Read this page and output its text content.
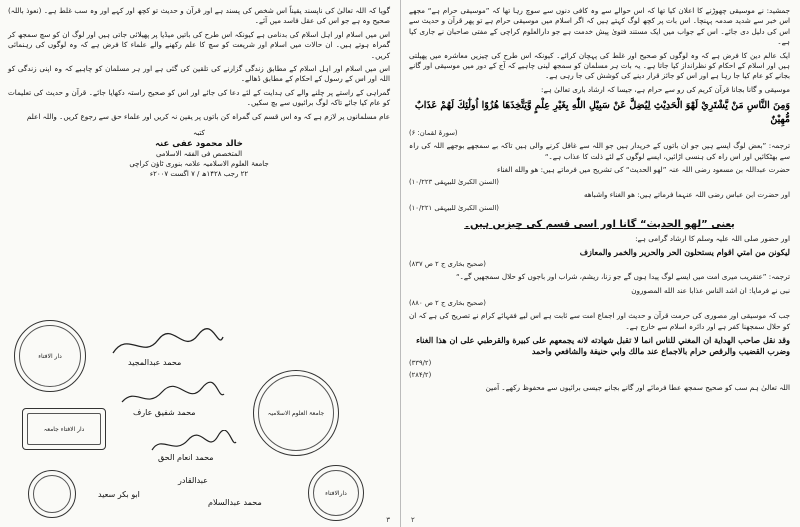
جمشید: نے موسیقی چھوڑنے کا اعلان کیا تھا کہ اس حوالے سے وہ کافی دنوں سے سوچ رہا تھا کہ ”موسیقی حرام ہے“ مجھے اس خبر سے شدید صدمہ پہنچا۔ اس بات پر کچھ لوگ کہتے ہیں کہ اگر اسلام میں موسیقی حرام ہے تو پھر قرآن و حدیث سے اس کی دلیل دی جائے۔ اس کے جواب میں ایک مستند فتویٰ پیش خدمت ہے جو دارالعلوم کراچی کے مفتی صاحبان نے جاری کیا ہے۔

ایک عالم دین کا فرض ہے کہ وہ لوگوں کو صحیح اور غلط کی پہچان کرائے۔ کیونکہ اس طرح کی چیزیں معاشرہ میں پھیلتی ہیں اور اسلام کے احکام کو نظرانداز کیا جاتا ہے۔ یہ بات ہر مسلمان کو سمجھ لینی چاہیے کہ آج کے دور میں موسیقی اور گانے بجانے کو عام کیا جا رہا ہے اور اس کو جائز قرار دینے کی کوشش کی جا رہی ہے۔

موسیقی و گانا بجانا قرآن کریم کی رو سے حرام ہے، جیسا کہ ارشاد باری تعالیٰ ہے:

وَمِنَ النَّاسِ مَنْ يَّشْتَرِيْ لَهْوَ الْحَدِيْثِ لِيُضِلَّ عَنْ سَبِيْلِ اللّٰهِ بِغَيْرِ عِلْمٍ وَّيَتَّخِذَهَا هُزُوًا اُولٰٓئِكَ لَهُمْ عَذَابٌ مُّهِيْنٌ

(سورۃ لقمان: ۶)

ترجمہ: ”بعض لوگ ایسے ہیں جو ان باتوں کے خریدار ہیں جو اللہ سے غافل کرنے والی ہیں تاکہ بے سمجھے بوجھے اللہ کی راہ سے بھٹکائیں اور اس راہ کی ہنسی اڑائیں، ایسے لوگوں کے لئے ذلت کا عذاب ہے۔“

حضرت عبداللہ بن مسعود رضی اللہ عنہ ”لهو الحديث“ کی تشریح میں فرماتے ہیں: هو والله الغناء

(السنن الکبریٰ للبیہقی ۱۰/۲۲۳)

اور حضرت ابن عباس رضی اللہ عنہما فرماتے ہیں: هو الغناء واشباهه

(السنن الکبریٰ للبیہقی ۱۰/۲۲۱)

یعنی ”لهو الحديث“ گانا اور اسی قسم کی چیزیں ہیں۔

اور حضور صلی اللہ علیہ وسلم کا ارشاد گرامی ہے:

ليكونن من امتي اقوام يستحلون الحر والحرير والخمر والمعازف

(صحیح بخاری ج ۲ ص ۸۳۷)

ترجمہ: ”عنقریب میری امت میں ایسے لوگ پیدا ہوں گے جو زنا، ریشم، شراب اور باجوں کو حلال سمجھیں گے۔“

نبی نے فرمایا: ان اشد الناس عذابا عند الله المصورون

(صحیح بخاری ج ۲ ص ۸۸۰)

جب کہ موسیقی اور مصوری کی حرمت قرآن و حدیث اور اجماع امت سے ثابت ہے اس لیے فقہائے کرام نے تصریح کی ہے کہ ان کو حلال سمجھنا کفر ہے اور دائرہ اسلام سے خارج ہے۔

وقد نقل صاحب الهداية ان المغني للناس انما لا تقبل شهادته لانه يجمعهم على كبيرة والقرطبي على ان هذا الغناء وضرب القضيب والرقص حرام بالاجماع عند مالك وابي حنيفة والشافعي واحمد

(۳۳۹/۲)

(۲۸۴/۲)

اللہ تعالیٰ ہم سب کو صحیح سمجھ عطا فرمائے اور گانے بجانے جیسی برائیوں سے محفوظ رکھے۔ آمین

۲

گویا کہ اللہ تعالیٰ کی ناپسند یقیناً اس شخص کی پسند ہے اور قرآن و حدیث تو کچھ اور کہے اور وہ سب غلط ہے۔ (نعوذ باللہ) صحیح وہ ہے جو اس کی عقل فاسد میں آئے۔

اس میں اسلام اور اہل اسلام کی بدنامی ہے کیونکہ اس طرح کی باتیں میڈیا پر پھیلائی جاتی ہیں اور لوگ ان کو سچ سمجھ کر گمراہ ہوتے ہیں۔ ان حالات میں اسلام اور شریعت کو سچ کا علم رکھنے والے علماء کا فرض ہے کہ وہ لوگوں کی رہنمائی کریں۔

اس میں اسلام اور اہل اسلام کے مطابق زندگی گزارنے کی تلقین کی گئی ہے اور ہر مسلمان کو چاہیے کہ وہ اپنی زندگی کو اللہ اور اس کے رسول کے احکام کے مطابق ڈھالے۔

گمراہی کے راستے پر چلنے والے کی ہدایت کے لئے دعا کی جائے اور اس کو صحیح راستہ دکھایا جائے۔ قرآن و حدیث کی تعلیمات کو عام کیا جائے تاکہ لوگ برائیوں سے بچ سکیں۔

عام مسلمانوں پر لازم ہے کہ وہ اس قسم کی گمراہ کن باتوں پر یقین نہ کریں اور علماء حق سے رجوع کریں۔ واللہ اعلم

کتبہ
خالد محمود عفی عنہ
المتخصص فی الفقہ الاسلامی
جامعۃ العلوم الاسلامیہ علامہ بنوری ٹاؤن کراچی
۲۲ رجب ۱۴۲۸ھ / ۷ اگست ۲۰۰۷ء
دار الافتاء
جامعۃ العلوم الاسلامیہ
دار الافتاء جامعہ
دارالافتاء
محمد عبدالمجید
محمد شفیق عارف
محمد انعام الحق
عبدالقادر
ابو بکر سعید
محمد عبدالسلام
۳
